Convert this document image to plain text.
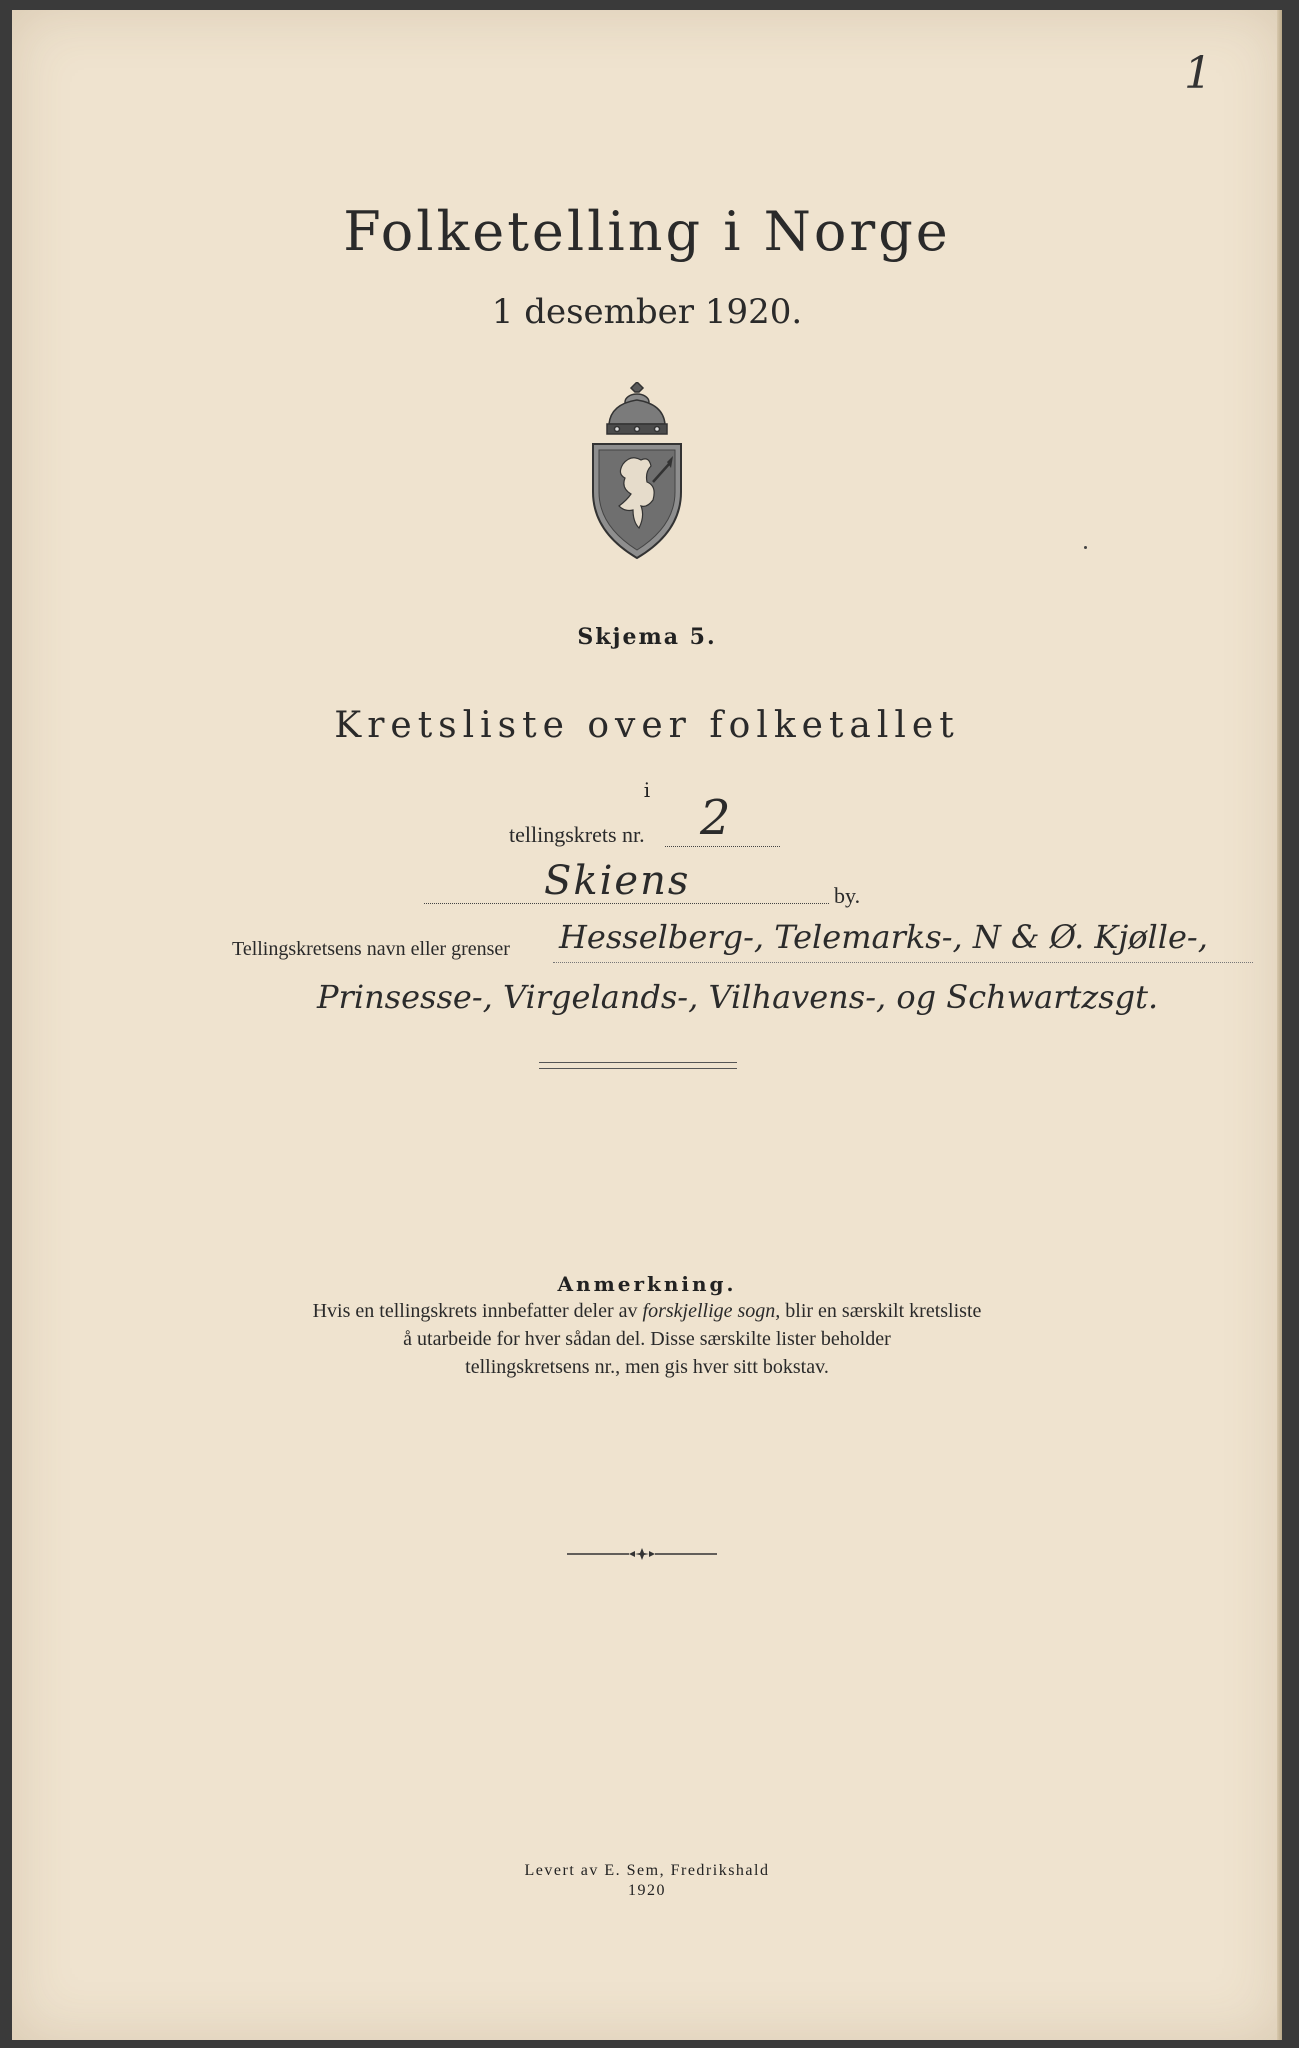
1
Folketelling i Norge
1 desember 1920.
Skjema 5.
Kretsliste over folketallet
i
tellingskrets nr. 2
Skiens	by.
Tellingskretsens navn eller grenser Hesselberg-, Telemarks-, N & Ø. Kjølle-,
Prinsesse-, Virgelands-, Vilhavens-, og Schwartzsgt.
Anmerkning.
Hvis en tellingskrets innbefatter deler av forskjellige sogn, blir en særskilt kretsliste
å utarbeide for hver sådan del. Disse særskilte lister beholder
tellingskretsens nr., men gis hver sitt bokstav.
Levert av E. Sem, Fredrikshald
1920
